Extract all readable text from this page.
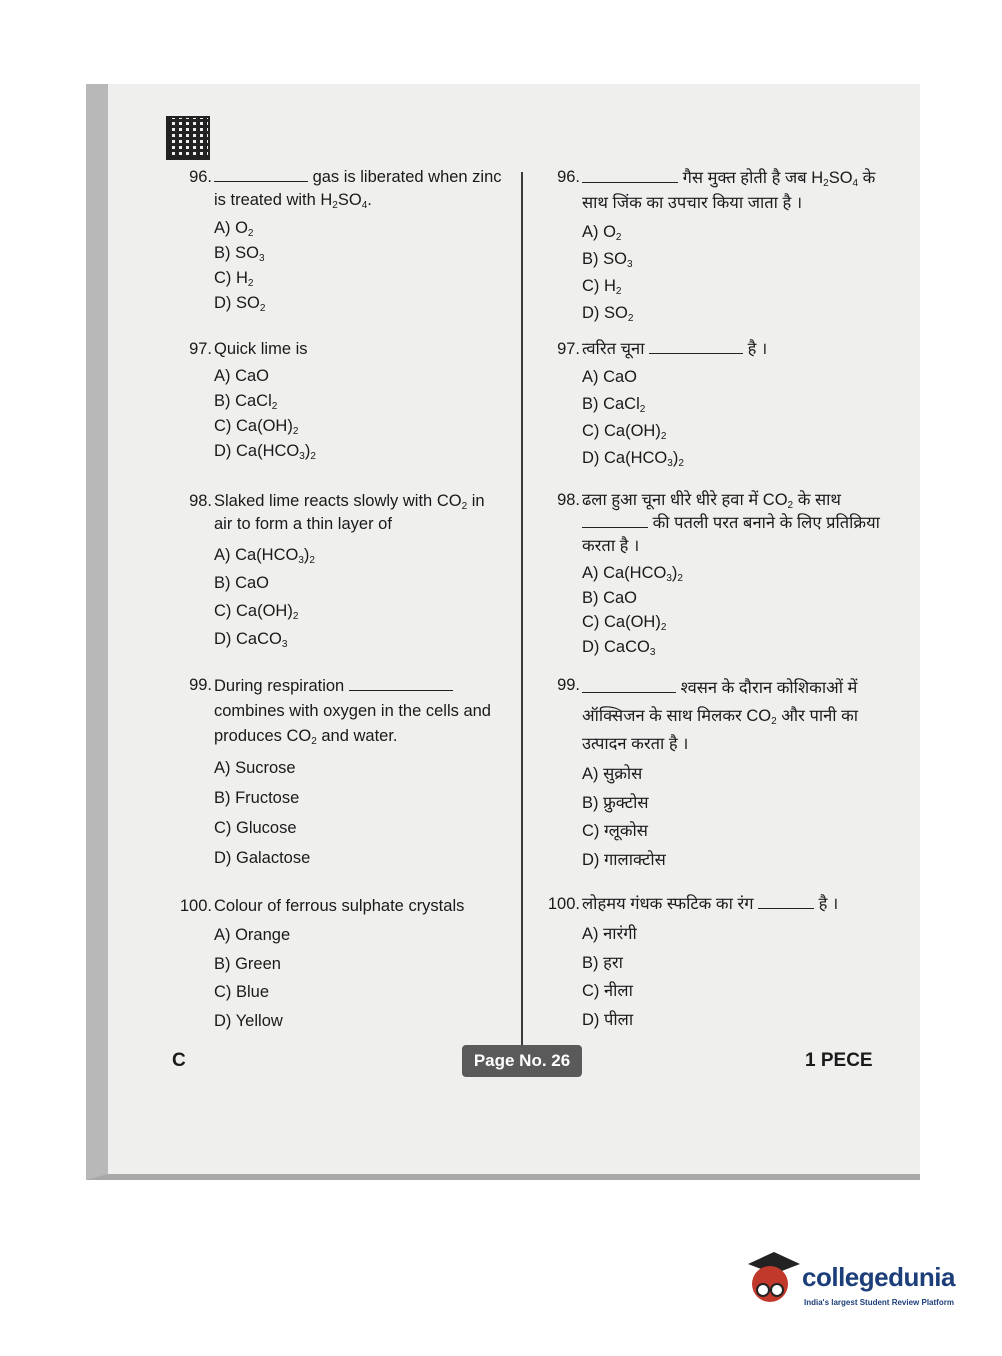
96.	gas is liberated when zinc is treated with $H_2SO_4$.
A) $O_2$
B) $SO_3$
C) $H_2$
D) $SO_2$
97. Quick lime is
A) CaO
B) CaCl$_2$
C) $Ca(OH)_2$
D) $Ca(HCO_3)_2$
98. Slaked lime reacts slowly with $CO_2$ in air to form a thin layer of
A) $Ca(HCO_3)_2$
B) CaO
C) $Ca(OH)_2$
D) CaCO$_3$
99. During respiration  combines with oxygen in the cells and produces $CO_2$ and water.
A) Sucrose
B) Fructose
C) Glucose
D) Galactose
100. Colour of ferrous sulphate crystals
A) Orange
B) Green
C) Blue
D) Yellow
96.	गैस मुक्त होती है जब $H_2SO_4$ के साथ जिंक का उपचार किया जाता है ।
A) $O_2$
B) $SO_3$
C) $H_2$
D) $SO_2$
97. त्वरित चूना	है ।
A) CaO
B) CaCl$_2$
C) $Ca(OH)_2$
D) $Ca(HCO_3)_2$
98. ढला हुआ चूना धीरे धीरे हवा में $CO_2$ के साथ  की पतली परत बनाने के लिए प्रतिक्रिया करता है ।
A) $Ca(HCO_3)_2$
B) CaO
C) $Ca(OH)_2$
D) CaCO$_3$
99.	श्वसन के दौरान कोशिकाओं में ऑक्सिजन के साथ मिलकर $CO_2$ और पानी का उत्पादन करता है ।
A) सुक्रोस
B) फ्रुक्टोस
C) ग्लूकोस
D) गालाक्टोस
100. लोहमय गंधक स्फटिक का रंग	है ।
A) नारंगी
B) हरा
C) नीला
D) पीला
C	Page No. 26	1 PECE
collegedunia
India's largest Student Review Platform
